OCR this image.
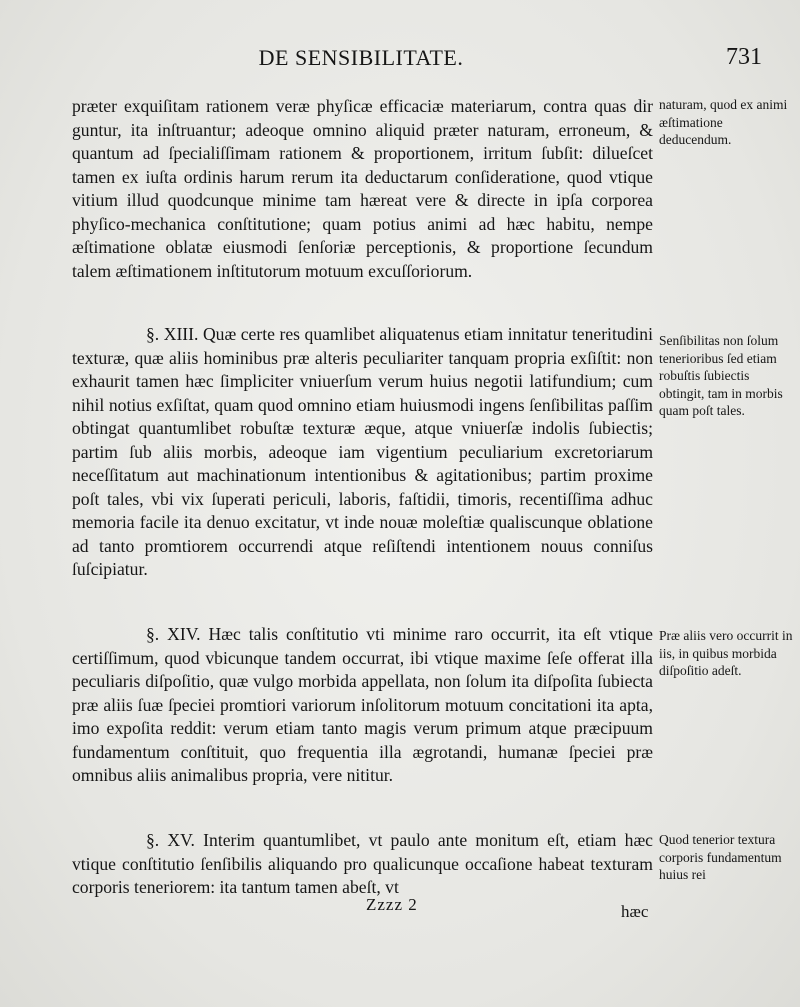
DE SENSIBILITATE.	731

præter exquiſitam rationem veræ phyſicæ efficaciæ materiarum, contra quas dir guntur, ita inſtruantur; adeoque omnino aliquid præter naturam, erroneum, & quantum ad ſpecialiſſimam rationem & proportionem, irritum ſubſit: dilueſcet tamen ex iuſta ordinis harum rerum ita deductarum conſideratione, quod vtique vitium illud quodcunque minime tam hæreat vere & directe in ipſa corporea phyſico-mechanica conſtitutione; quam potius animi ad hæc habitu, nempe æſtimatione oblatæ eiusmodi ſenſoriæ perceptionis, & proportione ſecundum talem æſtimationem inſtitutorum motuum excuſſoriorum.

§. XIII. Quæ certe res quamlibet aliquatenus etiam innitatur teneritudini texturæ, quæ aliis hominibus præ alteris peculiariter tanquam propria exſiſtit: non exhaurit tamen hæc ſimpliciter vniuerſum verum huius negotii latifundium; cum nihil notius exſiſtat, quam quod omnino etiam huiusmodi ingens ſenſibilitas paſſim obtingat quantumlibet robuſtæ texturæ æque, atque vniuerſæ indolis ſubiectis; partim ſub aliis morbis, adeoque iam vigentium peculiarium excretoriarum neceſſitatum aut machinationum intentionibus & agitationibus; partim proxime poſt tales, vbi vix ſuperati periculi, laboris, faſtidii, timoris, recentiſſima adhuc memoria facile ita denuo excitatur, vt inde nouæ moleſtiæ qualiscunque oblatione ad tanto promtiorem occurrendi atque reſiſtendi intentionem nouus conniſus ſuſcipiatur.

§. XIV. Hæc talis conſtitutio vti minime raro occurrit, ita eſt vtique certiſſimum, quod vbicunque tandem occurrat, ibi vtique maxime ſeſe offerat illa peculiaris diſpoſitio, quæ vulgo morbida appellata, non ſolum ita diſpoſita ſubiecta præ aliis ſuæ ſpeciei promtiori variorum inſolitorum motuum concitationi ita apta, imo expoſita reddit: verum etiam tanto magis verum primum atque præcipuum fundamentum conſtituit, quo frequentia illa ægrotandi, humanæ ſpeciei præ omnibus aliis animalibus propria, vere nititur.

§. XV. Interim quantumlibet, vt paulo ante monitum eſt, etiam hæc vtique conſtitutio ſenſibilis aliquando pro qualicunque occaſione habeat texturam corporis teneriorem: ita tantum tamen abeſt, vt

naturam, quod ex animi æſtimatione deducendum.

Senſibilitas non ſolum tenerioribus ſed etiam robuſtis ſubiectis obtingit, tam in morbis quam poſt tales.

Præ aliis vero occurrit in iis, in quibus morbida diſpoſitio adeſt.

Quod tenerior textura corporis fundamentum huius rei

Zzzz 2	hæc
